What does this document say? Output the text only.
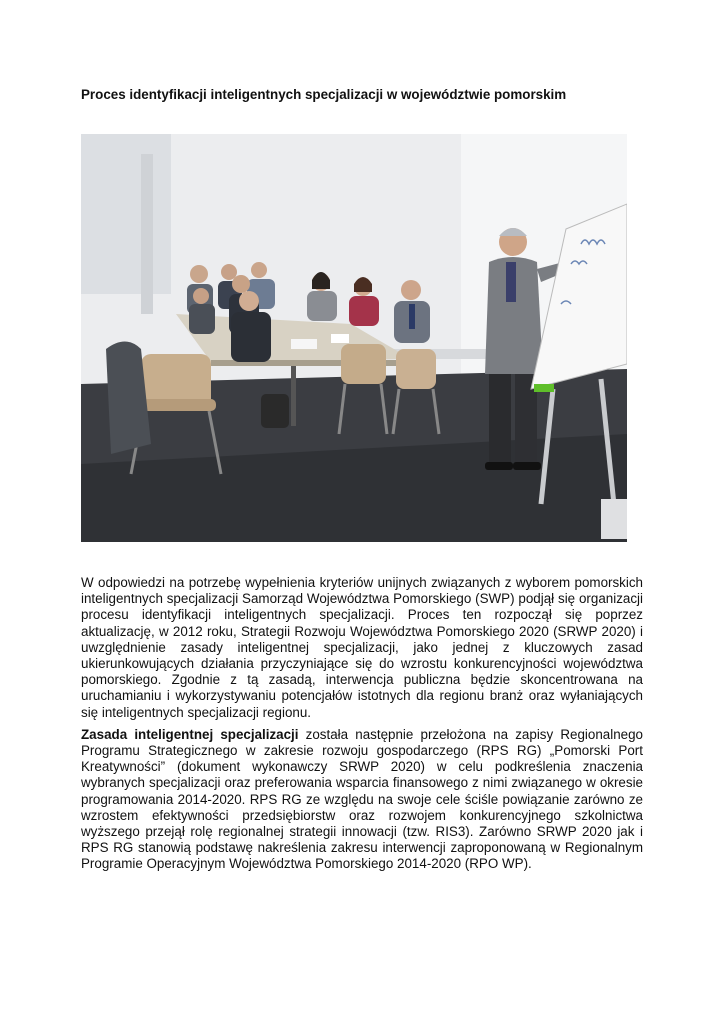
Proces identyfikacji inteligentnych specjalizacji w województwie pomorskim

W odpowiedzi na potrzebę wypełnienia kryteriów unijnych związanych z wyborem pomorskich inteligentnych specjalizacji Samorząd Województwa Pomorskiego (SWP) podjął się organizacji procesu identyfikacji inteligentnych specjalizacji. Proces ten rozpoczął się poprzez aktualizację, w 2012 roku, Strategii Rozwoju Województwa Pomorskiego 2020 (SRWP 2020) i uwzględnienie zasady inteligentnej specjalizacji, jako jednej z kluczowych zasad ukierunkowujących działania przyczyniające się do wzrostu konkurencyjności województwa pomorskiego. Zgodnie z tą zasadą, interwencja publiczna będzie skoncentrowana na uruchamianiu i wykorzystywaniu potencjałów istotnych dla regionu branż oraz wyłaniających się inteligentnych specjalizacji regionu.

Zasada inteligentnej specjalizacji została następnie przełożona na zapisy Regionalnego Programu Strategicznego w zakresie rozwoju gospodarczego (RPS RG) „Pomorski Port Kreatywności” (dokument wykonawczy SRWP 2020) w celu podkreślenia znaczenia wybranych specjalizacji oraz preferowania wsparcia finansowego z nimi związanego w okresie programowania 2014-2020. RPS RG ze względu na swoje cele ściśle powiązanie zarówno ze wzrostem efektywności przedsiębiorstw oraz rozwojem konkurencyjnego szkolnictwa wyższego przejął rolę regionalnej strategii innowacji (tzw. RIS3). Zarówno SRWP 2020 jak i RPS RG stanowią podstawę nakreślenia zakresu interwencji zaproponowaną w Regionalnym Programie Operacyjnym Województwa Pomorskiego 2014-2020 (RPO WP).
